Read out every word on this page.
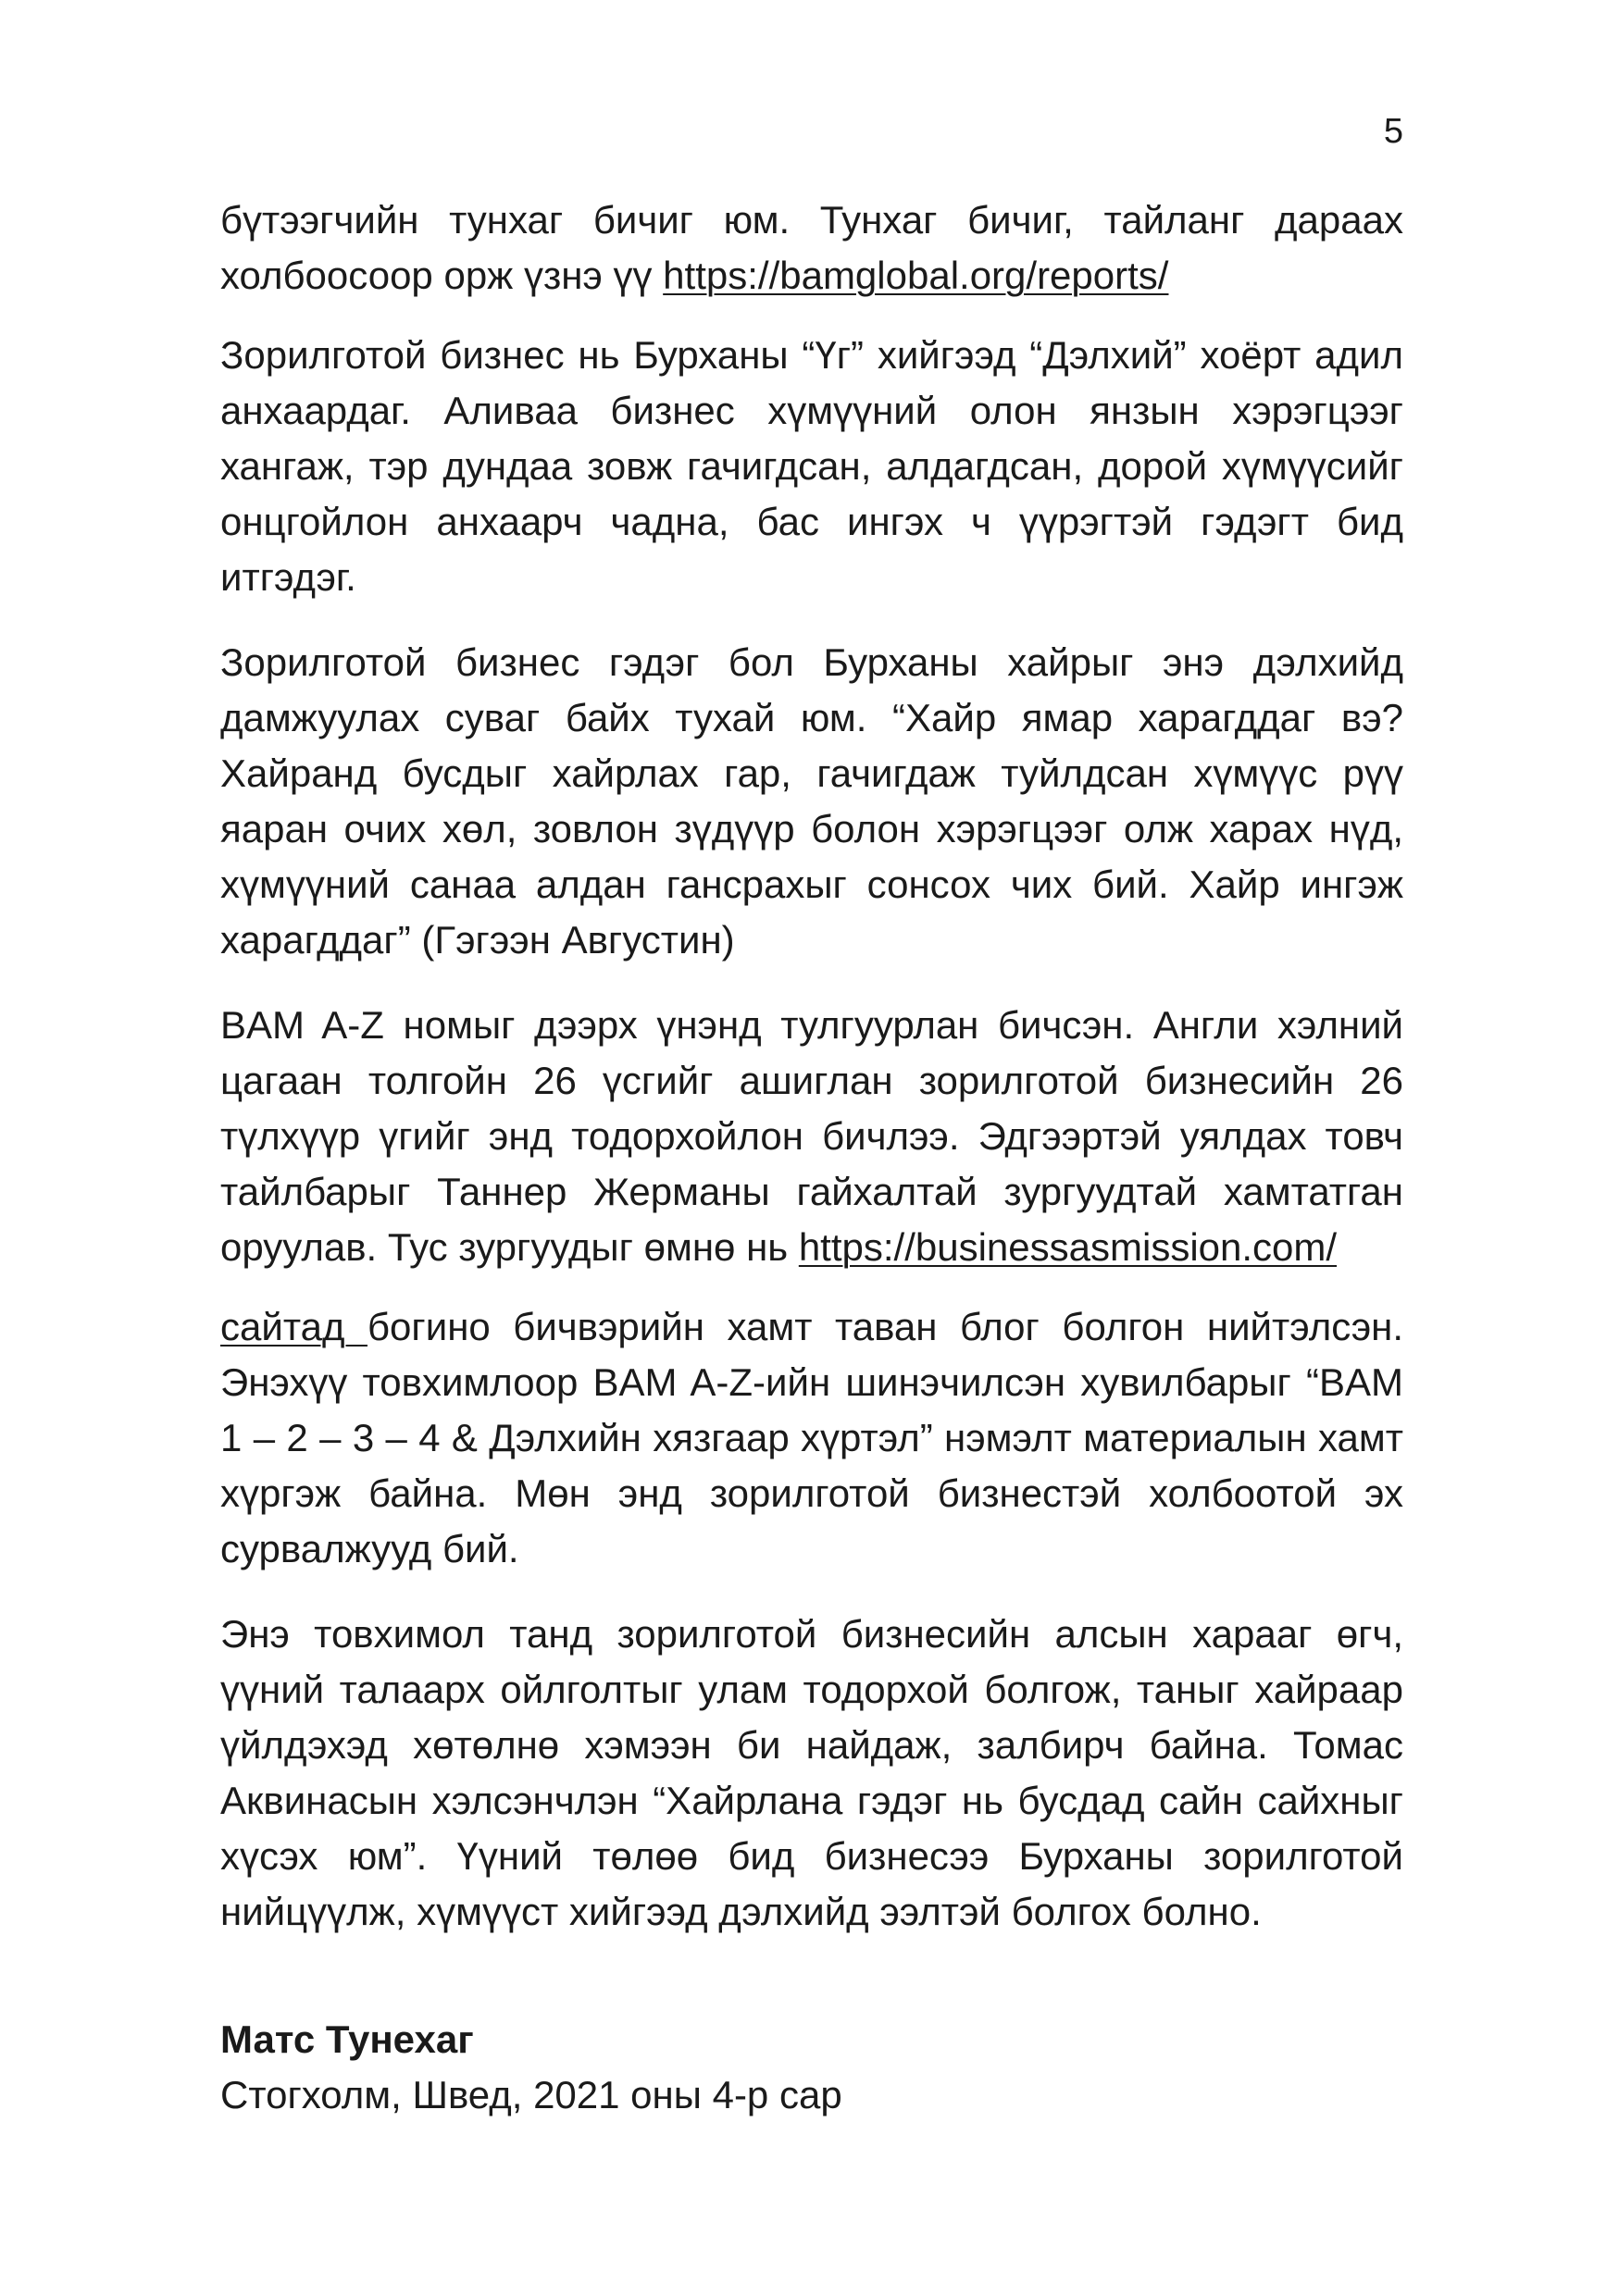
5

бүтээгчийн тунхаг бичиг юм. Тунхаг бичиг, тайланг дараах холбоосоор орж үзнэ үү https://bamglobal.org/reports/

Зорилготой бизнес нь Бурханы “Үг” хийгээд “Дэлхий” хоёрт адил анхаардаг. Аливаа бизнес хүмүүний олон янзын хэрэгцээг хангаж, тэр дундаа зовж гачигдсан, алдагдсан, дорой хүмүүсийг онцгойлон анхаарч чадна, бас ингэх ч үүрэгтэй гэдэгт бид итгэдэг.

Зорилготой бизнес гэдэг бол Бурханы хайрыг энэ дэлхийд дамжуулах суваг байх тухай юм. “Хайр ямар харагддаг вэ? Хайранд бусдыг хайрлах гар, гачигдаж туйлдсан хүмүүс рүү яаран очих хөл, зовлон зүдүүр болон хэрэгцээг олж харах нүд, хүмүүний санаа алдан гансрахыг сонсох чих бий. Хайр ингэж харагддаг” (Гэгээн Августин)

BAM A-Z номыг дээрх үнэнд тулгуурлан бичсэн. Англи хэлний цагаан толгойн 26 үсгийг ашиглан зорилготой бизнесийн 26 түлхүүр үгийг энд тодорхойлон бичлээ. Эдгээртэй уялдах товч тайлбарыг Таннер Жерманы гайхалтай зургуудтай хамтатган оруулав. Тус зургуудыг өмнө нь https://businessasmission.com/

сайтад богино бичвэрийн хамт таван блог болгон нийтэлсэн. Энэхүү товхимлоор BAM A-Z-ийн шинэчилсэн хувилбарыг “BAM 1 – 2 – 3 – 4 & Дэлхийн хязгаар хүртэл” нэмэлт материалын хамт хүргэж байна. Мөн энд зорилготой бизнестэй холбоотой эх сурвалжууд бий.

Энэ товхимол танд зорилготой бизнесийн алсын харааг өгч, үүний талаарх ойлголтыг улам тодорхой болгож, таныг хайраар үйлдэхэд хөтөлнө хэмээн би найдаж, залбирч байна. Томас Аквинасын хэлсэнчлэн “Хайрлана гэдэг нь бусдад сайн сайхныг хүсэх юм”. Үүний төлөө бид бизнесээ Бурханы зорилготой нийцүүлж, хүмүүст хийгээд дэлхийд ээлтэй болгох болно.

Матс Тунехаг
Стогхолм, Швед, 2021 оны 4-р сар
